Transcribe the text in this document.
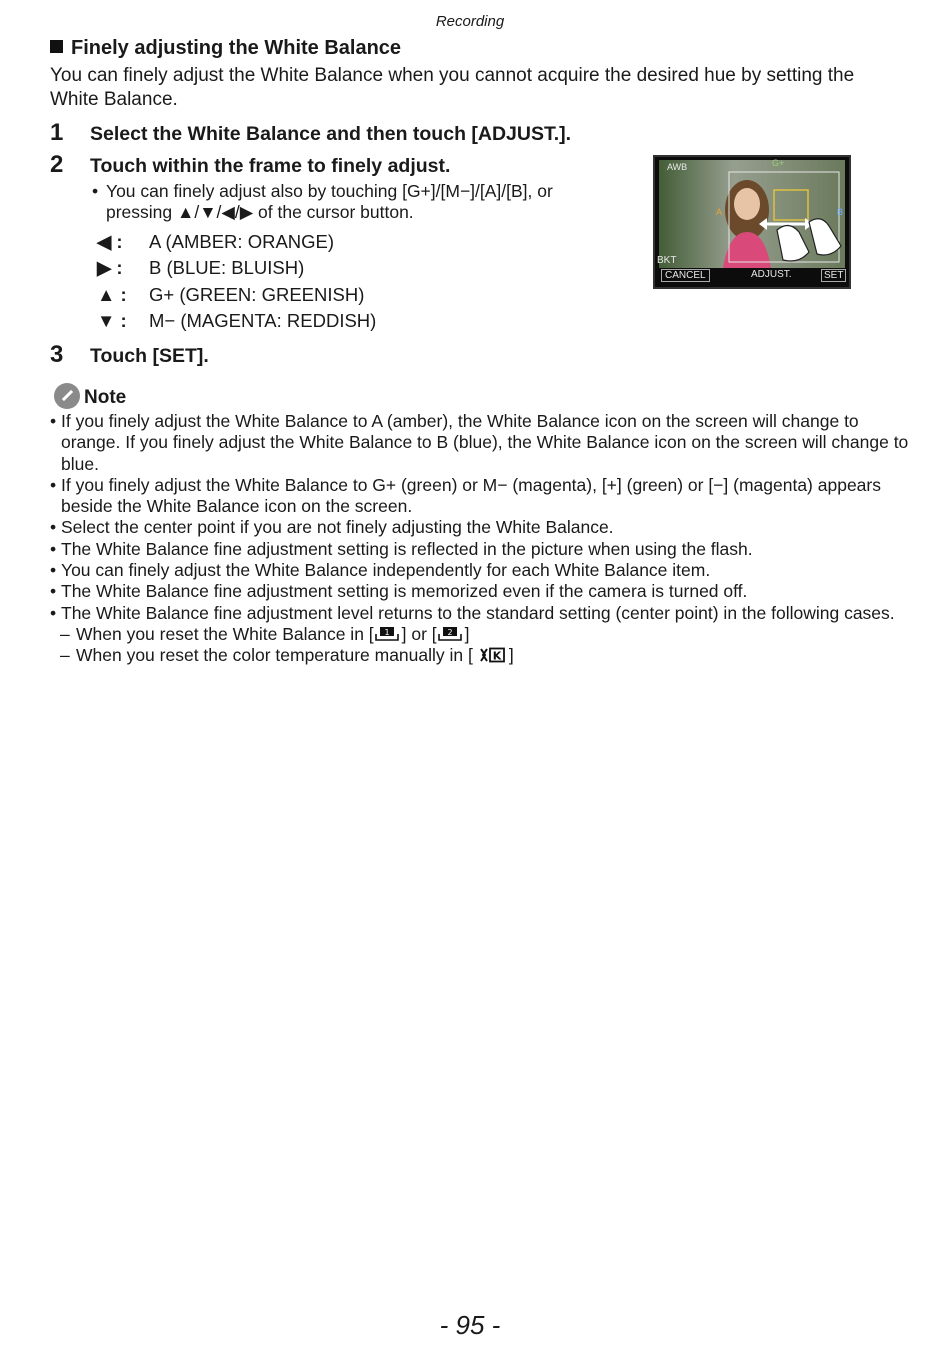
Recording
Finely adjusting the White Balance
You can finely adjust the White Balance when you cannot acquire the desired hue by setting the White Balance.
1 Select the White Balance and then touch [ADJUST.].
2 Touch within the frame to finely adjust.
• You can finely adjust also by touching [G+]/[M−]/[A]/[B], or
pressing ▲/▼/◀/▶ of the cursor button.
◀ : A (AMBER: ORANGE)
▶ : B (BLUE: BLUISH)
▲ : G+ (GREEN: GREENISH)
▼ : M− (MAGENTA: REDDISH)
3 Touch [SET].
AWB	G+
A	B
BKT
CANCEL	ADJUST.	SET
Note
• If you finely adjust the White Balance to A (amber), the White Balance icon on the screen will change to orange. If you finely adjust the White Balance to B (blue), the White Balance icon on the screen will change to blue.
• If you finely adjust the White Balance to G+ (green) or M− (magenta), [+] (green) or [−] (magenta) appears beside the White Balance icon on the screen.
• Select the center point if you are not finely adjusting the White Balance.
• The White Balance fine adjustment setting is reflected in the picture when using the flash.
• You can finely adjust the White Balance independently for each White Balance item.
• The White Balance fine adjustment setting is memorized even if the camera is turned off.
• The White Balance fine adjustment level returns to the standard setting (center point) in the following cases.
– When you reset the White Balance in [ 1 ] or [ 2 ]
– When you reset the color temperature manually in [ K ]
- 95 -
